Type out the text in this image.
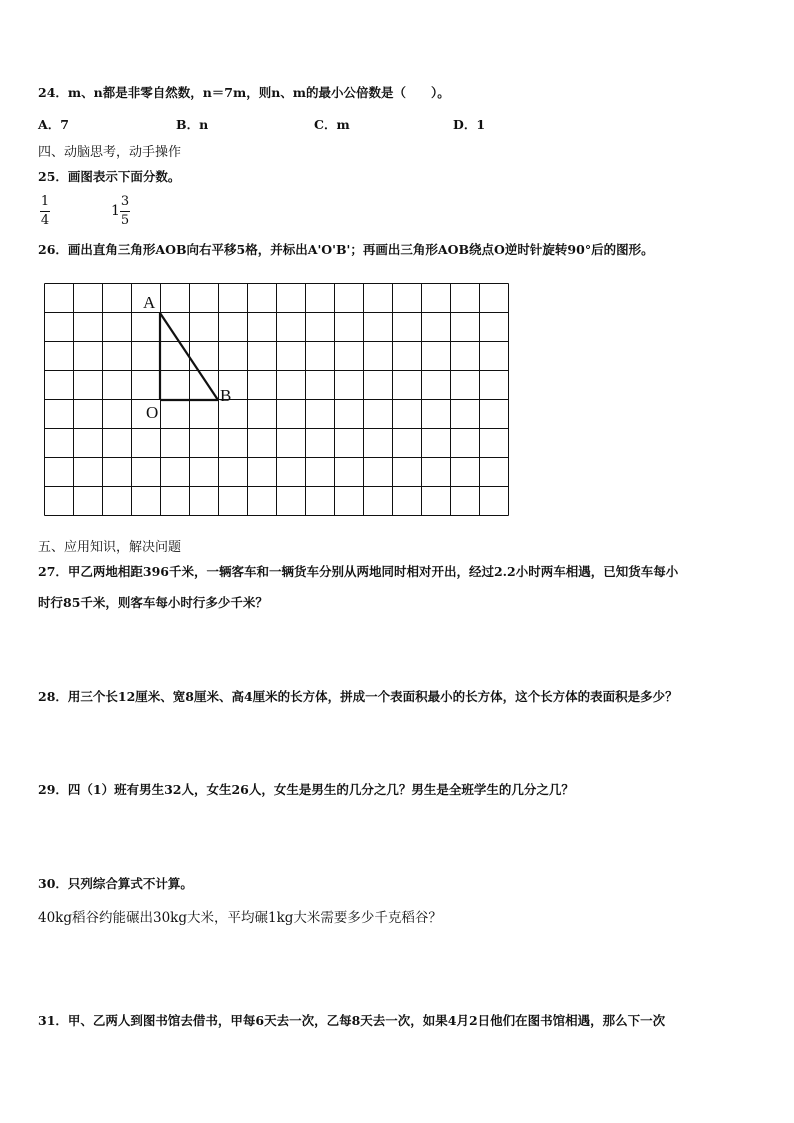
24．m、n都是非零自然数，n＝7m，则n、m的最小公倍数是（　　）。
A．7	B．n	C．m	D．1
四、动脑思考，动手操作
25．画图表示下面分数。
1
4
1
3
5
26．画出直角三角形AOB向右平移5格，并标出A'O'B'；再画出三角形AOB绕点O逆时针旋转90°后的图形。
A
O
B
五、应用知识，解决问题
27．甲乙两地相距396千米，一辆客车和一辆货车分别从两地同时相对开出，经过2.2小时两车相遇，已知货车每小
时行85千米，则客车每小时行多少千米？
28．用三个长12厘米、宽8厘米、高4厘米的长方体，拼成一个表面积最小的长方体，这个长方体的表面积是多少？
29．四（1）班有男生32人，女生26人，女生是男生的几分之几？男生是全班学生的几分之几？
30．只列综合算式不计算。
40kg稻谷约能碾出30kg大米，平均碾1kg大米需要多少千克稻谷？
31．甲、乙两人到图书馆去借书，甲每6天去一次，乙每8天去一次，如果4月2日他们在图书馆相遇，那么下一次
